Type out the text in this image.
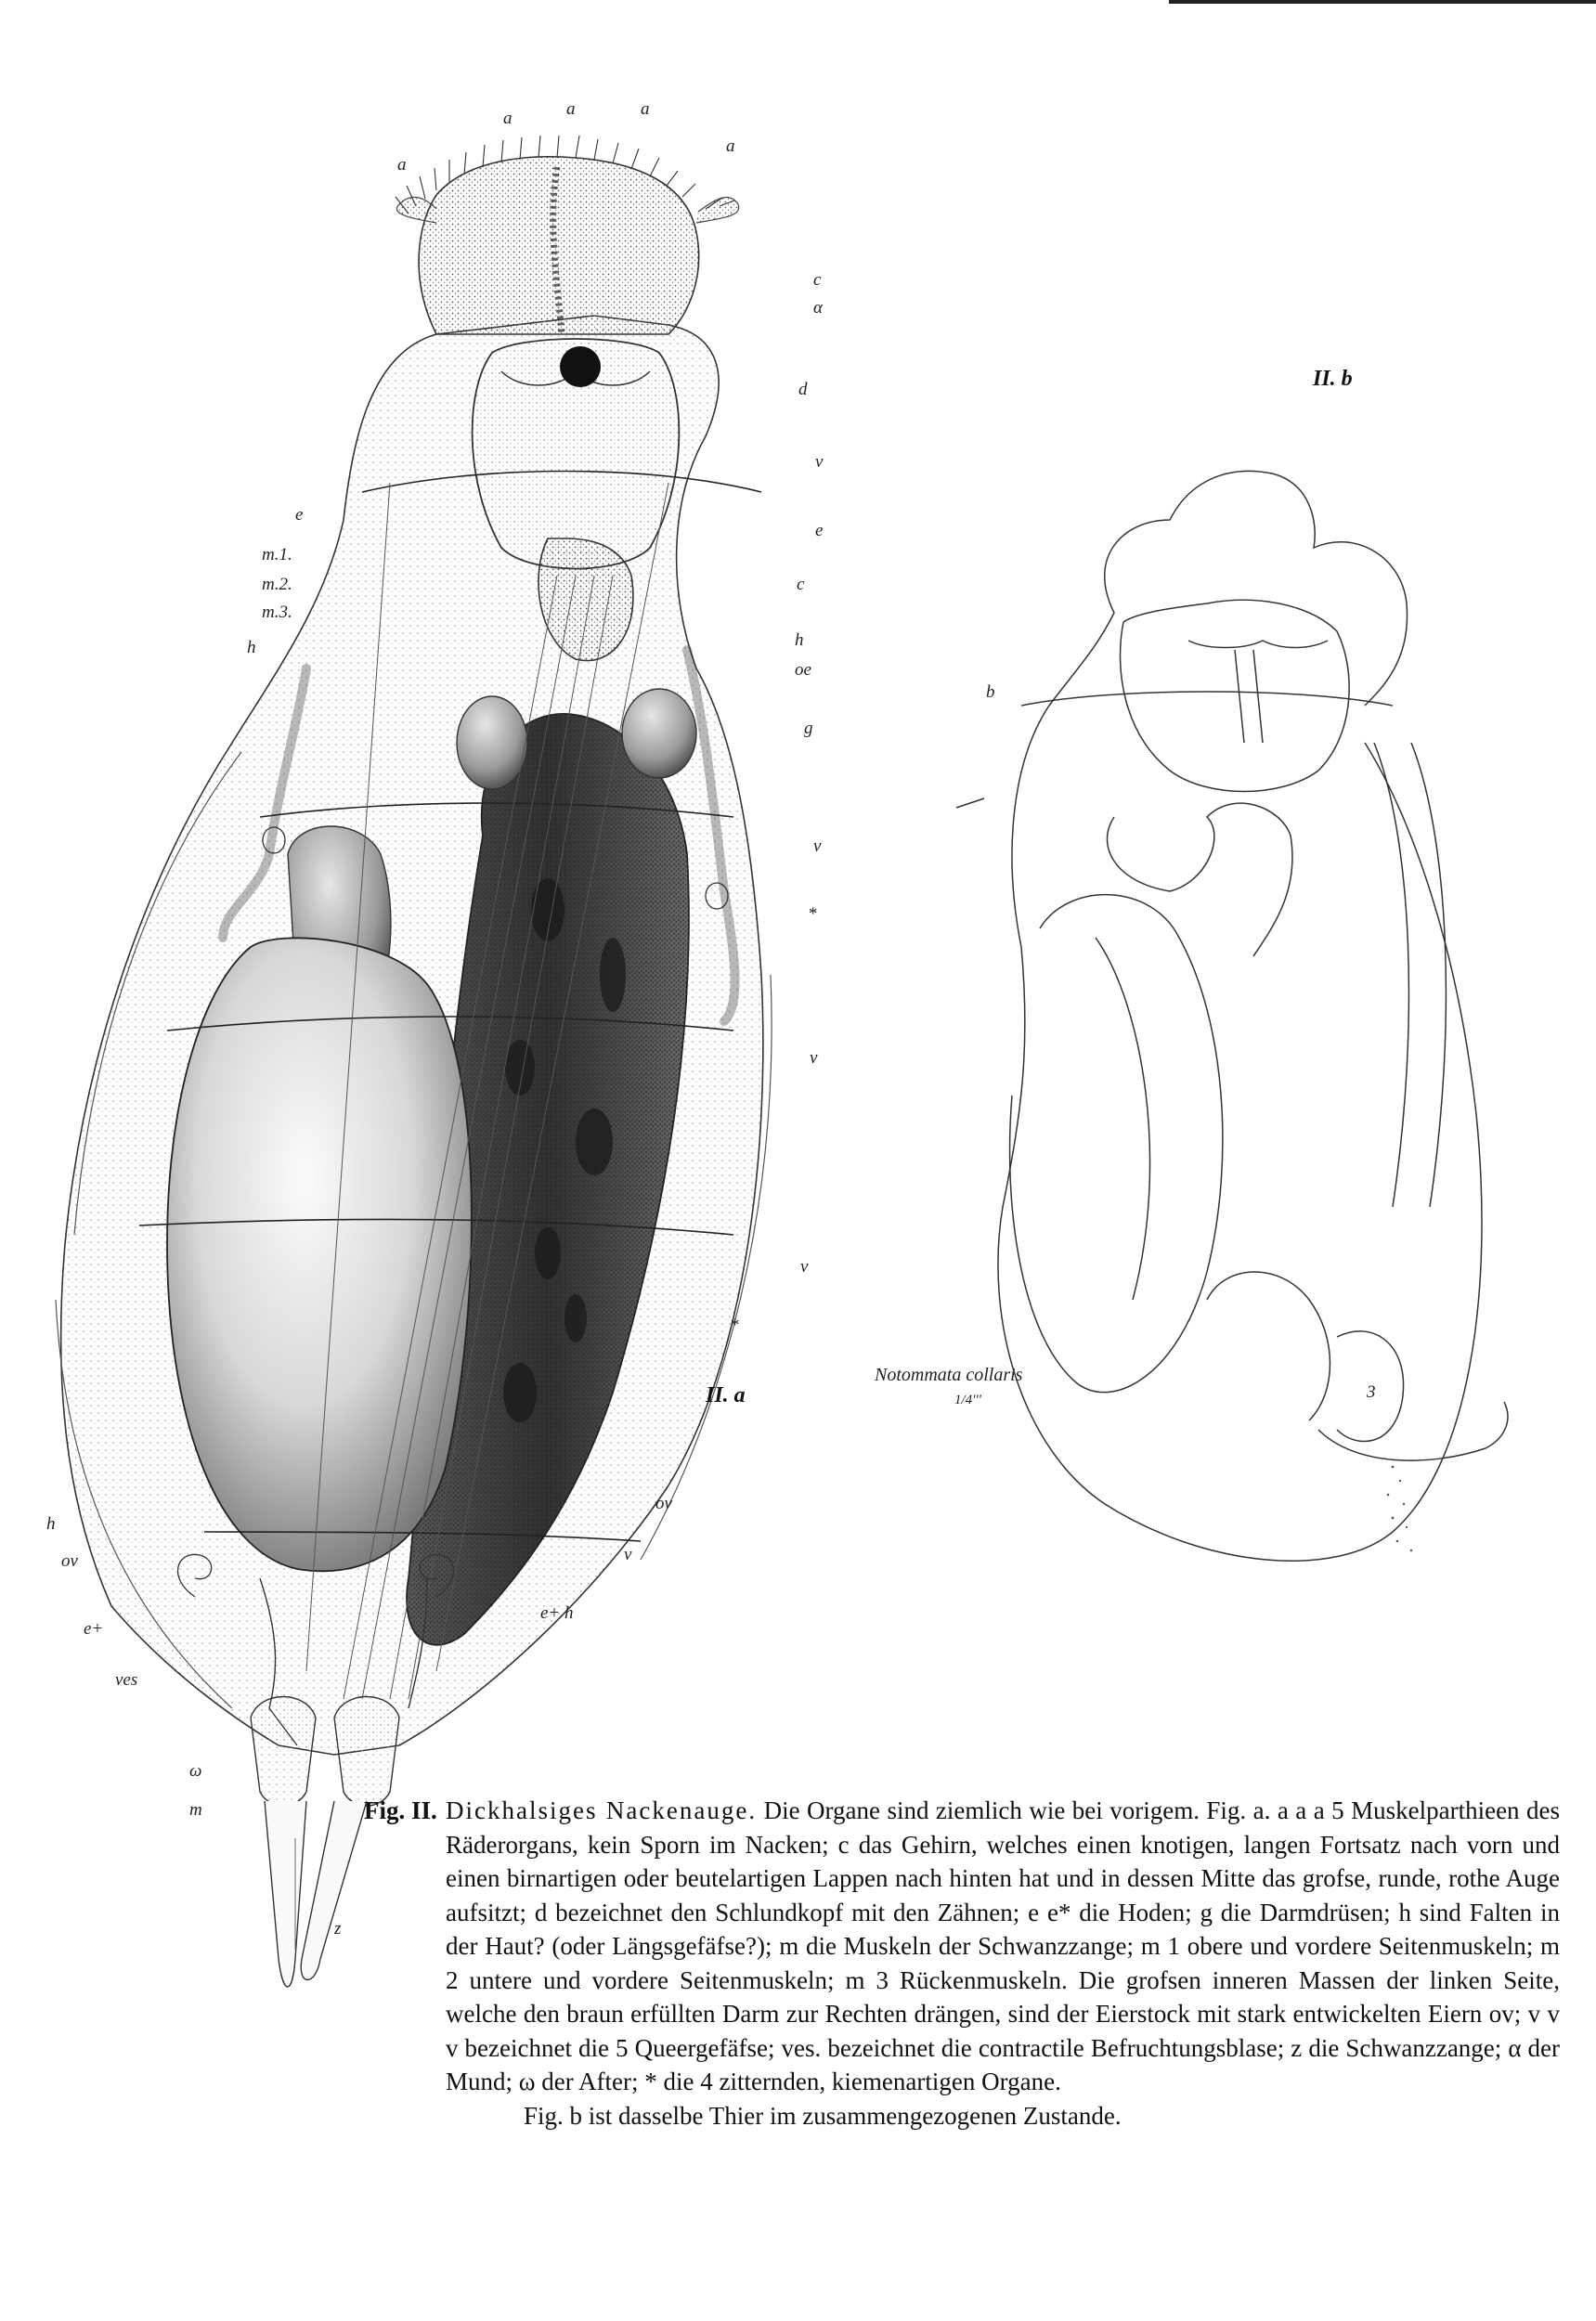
a	a	a
a
a
c
α
d
v
e
e
c
m.1.
m.2.
m.3.
h	h
oe
g
v
*
v
v
*
ov
v
h
ov
e+
e+ h
ves
ω
m
z
II. a
II. b
b
3
Notommata collaris
1/4'''
Fig. II. Dickhalsiges Nackenauge. Die Organe sind ziemlich wie bei vorigem. Fig. a. a a a 5 Muskelparthieen des Räderorgans, kein Sporn im Nacken; c das Gehirn, welches einen knotigen, langen Fortsatz nach vorn und einen birnartigen oder beutelartigen Lappen nach hinten hat und in dessen Mitte das grofse, runde, rothe Auge aufsitzt; d bezeichnet den Schlundkopf mit den Zähnen; e e* die Hoden; g die Darmdrüsen; h sind Falten in der Haut? (oder Längsgefäfse?); m die Muskeln der Schwanzzange; m 1 obere und vordere Seitenmuskeln; m 2 untere und vordere Seitenmuskeln; m 3 Rückenmuskeln. Die grofsen inneren Massen der linken Seite, welche den braun erfüllten Darm zur Rechten drängen, sind der Eierstock mit stark entwickelten Eiern ov; v v v bezeichnet die 5 Queergefäfse; ves. bezeichnet die contractile Befruchtungsblase; z die Schwanzzange; α der Mund; ω der After; * die 4 zitternden, kiemenartigen Organe.

Fig. b ist dasselbe Thier im zusammengezogenen Zustande.
